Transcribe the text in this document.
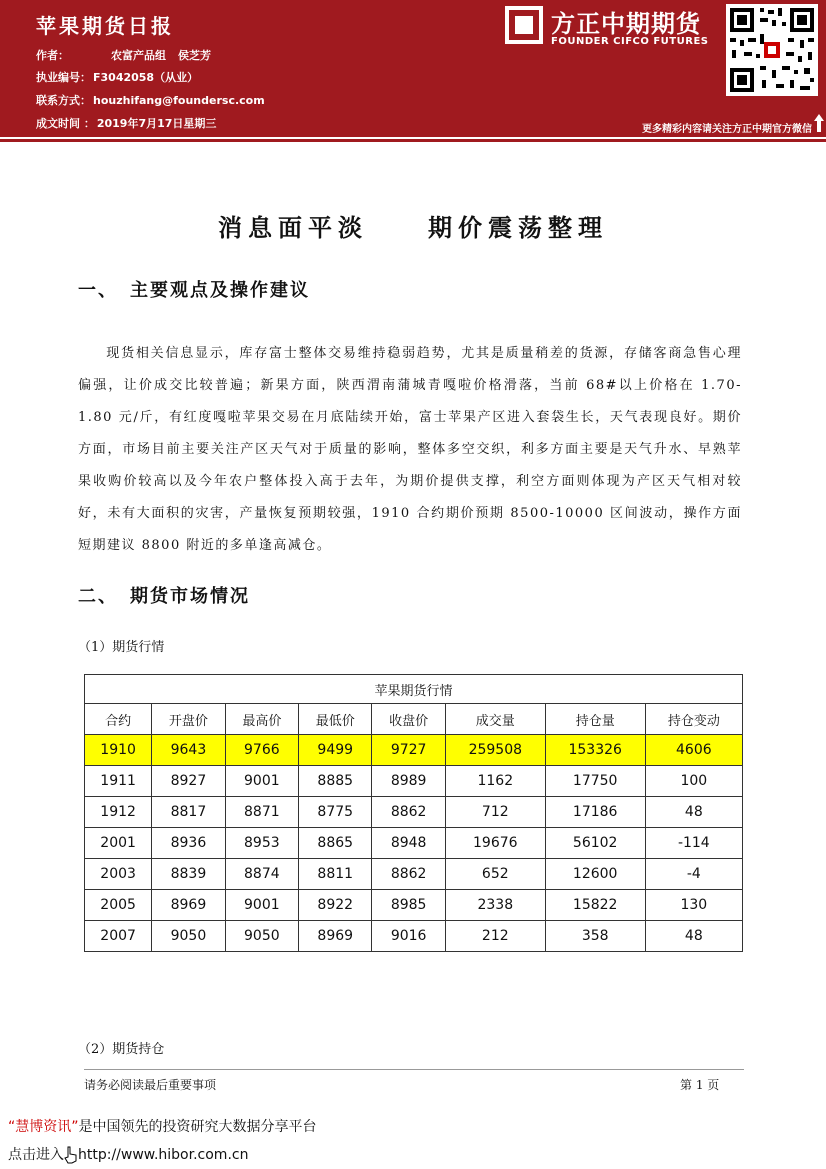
苹果期货日报
作者：	农富产品组 侯芝芳
执业编号： F3042058（从业）
联系方式： houzhifang@foundersc.com
成文时间 ： 2019年7月17日星期三
方正中期期货
FOUNDER CIFCO FUTURES
更多精彩内容请关注方正中期官方微信
消息面平淡	期价震荡整理
一、 主要观点及操作建议
现货相关信息显示，库存富士整体交易维持稳弱趋势，尤其是质量稍差的货源，存储客商急售心理偏强，让价成交比较普遍；新果方面，陕西渭南蒲城青嘎啦价格滑落，当前 68#以上价格在 1.70-1.80 元/斤，有红度嘎啦苹果交易在月底陆续开始，富士苹果产区进入套袋生长，天气表现良好。期价方面，市场目前主要关注产区天气对于质量的影响，整体多空交织，利多方面主要是天气升水、早熟苹果收购价较高以及今年农户整体投入高于去年，为期价提供支撑，利空方面则体现为产区天气相对较好，未有大面积的灾害，产量恢复预期较强，1910 合约期价预期 8500-10000 区间波动，操作方面短期建议 8800 附近的多单逢高减仓。
二、 期货市场情况
（1）期货行情
苹果期货行情							
合约	开盘价	最高价	最低价	收盘价	成交量	持仓量	持仓变动
1910	9643	9766	9499	9727	259508	153326	4606
1911	8927	9001	8885	8989	1162	17750	100
1912	8817	8871	8775	8862	712	17186	48
2001	8936	8953	8865	8948	19676	56102	-114
2003	8839	8874	8811	8862	652	12600	-4
2005	8969	9001	8922	8985	2338	15822	130
2007	9050	9050	8969	9016	212	358	48
（2）期货持仓
请务必阅读最后重要事项	第 1 页
“慧博资讯”是中国领先的投资研究大数据分享平台
点击进入 http://www.hibor.com.cn
